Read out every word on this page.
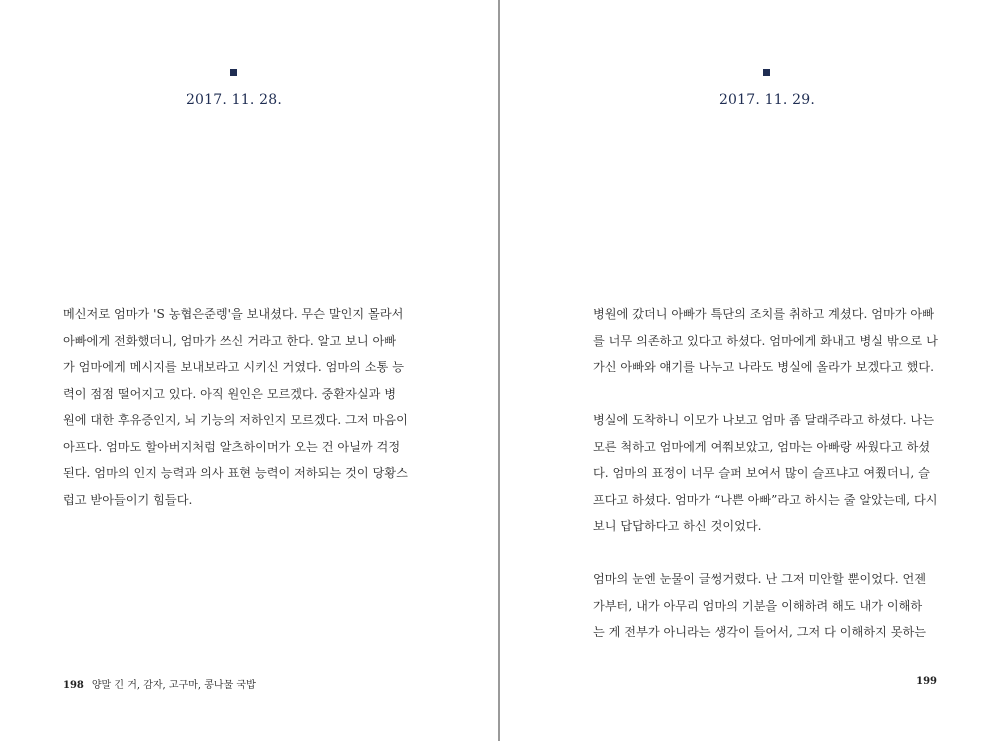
2017. 11. 28.

메신저로 엄마가 'S 농협은준렝'을 보내셨다. 무슨 말인지 몰라서
아빠에게 전화했더니, 엄마가 쓰신 거라고 한다. 알고 보니 아빠
가 엄마에게 메시지를 보내보라고 시키신 거였다. 엄마의 소통 능
력이 점점 떨어지고 있다. 아직 원인은 모르겠다. 중환자실과 병
원에 대한 후유증인지, 뇌 기능의 저하인지 모르겠다. 그저 마음이
아프다. 엄마도 할아버지처럼 알츠하이머가 오는 건 아닐까 걱정
된다. 엄마의 인지 능력과 의사 표현 능력이 저하되는 것이 당황스
럽고 받아들이기 힘들다.

198 양말 긴 거, 감자, 고구마, 콩나물 국밥
2017. 11. 29.

병원에 갔더니 아빠가 특단의 조치를 취하고 계셨다. 엄마가 아빠
를 너무 의존하고 있다고 하셨다. 엄마에게 화내고 병실 밖으로 나
가신 아빠와 얘기를 나누고 나라도 병실에 올라가 보겠다고 했다.

병실에 도착하니 이모가 나보고 엄마 좀 달래주라고 하셨다. 나는
모른 척하고 엄마에게 여쭤보았고, 엄마는 아빠랑 싸웠다고 하셨
다. 엄마의 표정이 너무 슬퍼 보여서 많이 슬프냐고 여쭸더니, 슬
프다고 하셨다. 엄마가 “나쁜 아빠”라고 하시는 줄 알았는데, 다시
보니 답답하다고 하신 것이었다.

엄마의 눈엔 눈물이 글썽거렸다. 난 그저 미안할 뿐이었다. 언젠
가부터, 내가 아무리 엄마의 기분을 이해하려 해도 내가 이해하
는 게 전부가 아니라는 생각이 들어서, 그저 다 이해하지 못하는

199
